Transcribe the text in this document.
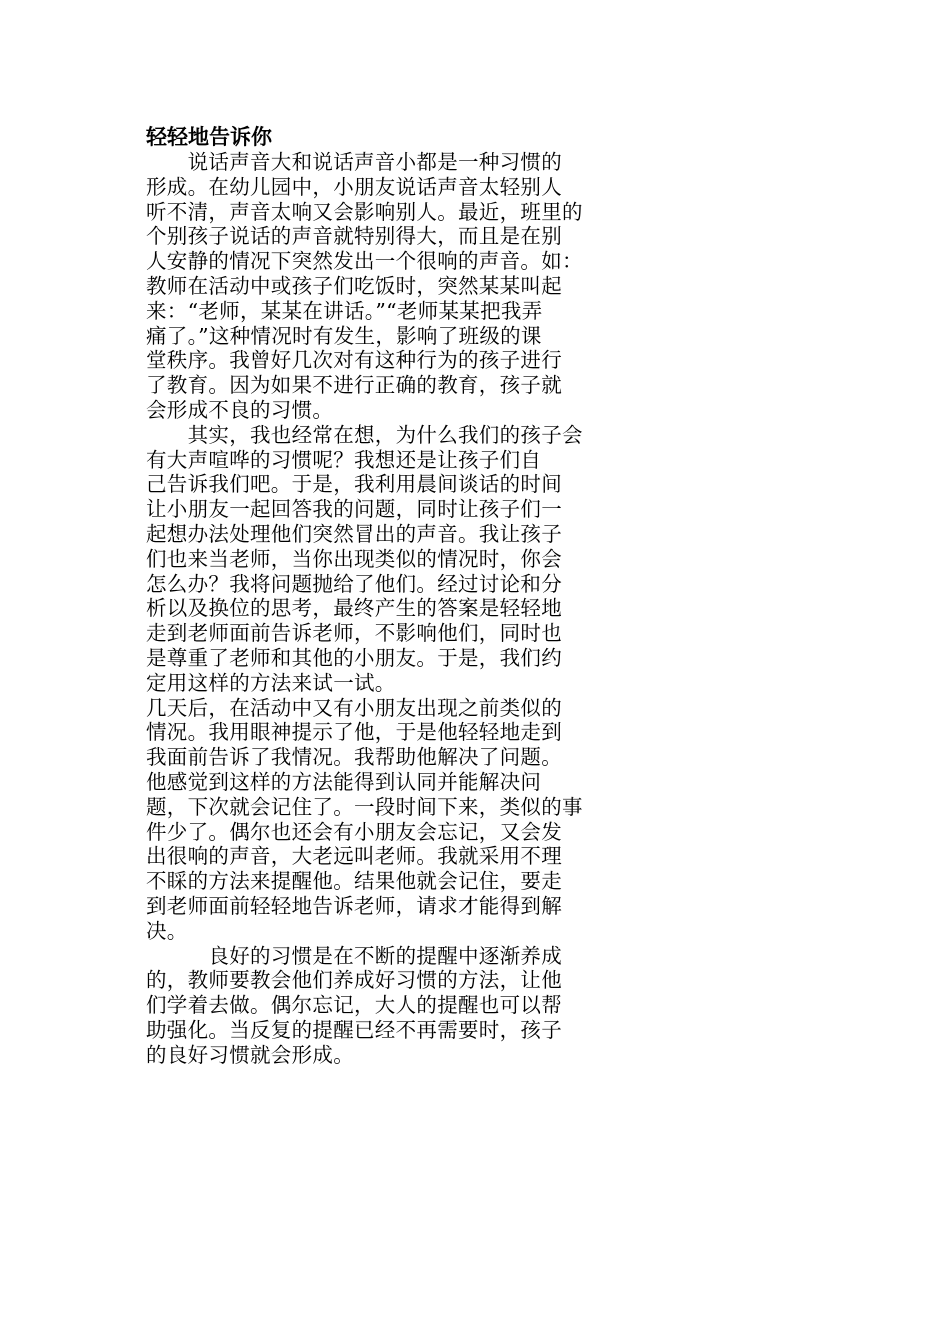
轻轻地告诉你
　　说话声音大和说话声音小都是一种习惯的
形成。在幼儿园中，小朋友说话声音太轻别人
听不清，声音太响又会影响别人。最近，班里的
个别孩子说话的声音就特别得大，而且是在别
人安静的情况下突然发出一个很响的声音。如：
教师在活动中或孩子们吃饭时，突然某某叫起
来：“老师，某某在讲话。”“老师某某把我弄
痛了。”这种情况时有发生，影响了班级的课
堂秩序。我曾好几次对有这种行为的孩子进行
了教育。因为如果不进行正确的教育，孩子就
会形成不良的习惯。
　　其实，我也经常在想，为什么我们的孩子会
有大声喧哗的习惯呢？我想还是让孩子们自
己告诉我们吧。于是，我利用晨间谈话的时间
让小朋友一起回答我的问题，同时让孩子们一
起想办法处理他们突然冒出的声音。我让孩子
们也来当老师，当你出现类似的情况时，你会
怎么办？我将问题抛给了他们。经过讨论和分
析以及换位的思考，最终产生的答案是轻轻地
走到老师面前告诉老师，不影响他们，同时也
是尊重了老师和其他的小朋友。于是，我们约
定用这样的方法来试一试。
几天后，在活动中又有小朋友出现之前类似的
情况。我用眼神提示了他，于是他轻轻地走到
我面前告诉了我情况。我帮助他解决了问题。
他感觉到这样的方法能得到认同并能解决问
题，下次就会记住了。一段时间下来，类似的事
件少了。偶尔也还会有小朋友会忘记，又会发
出很响的声音，大老远叫老师。我就采用不理
不睬的方法来提醒他。结果他就会记住，要走
到老师面前轻轻地告诉老师，请求才能得到解
决。
　　　良好的习惯是在不断的提醒中逐渐养成
的，教师要教会他们养成好习惯的方法，让他
们学着去做。偶尔忘记，大人的提醒也可以帮
助强化。当反复的提醒已经不再需要时，孩子
的良好习惯就会形成。
